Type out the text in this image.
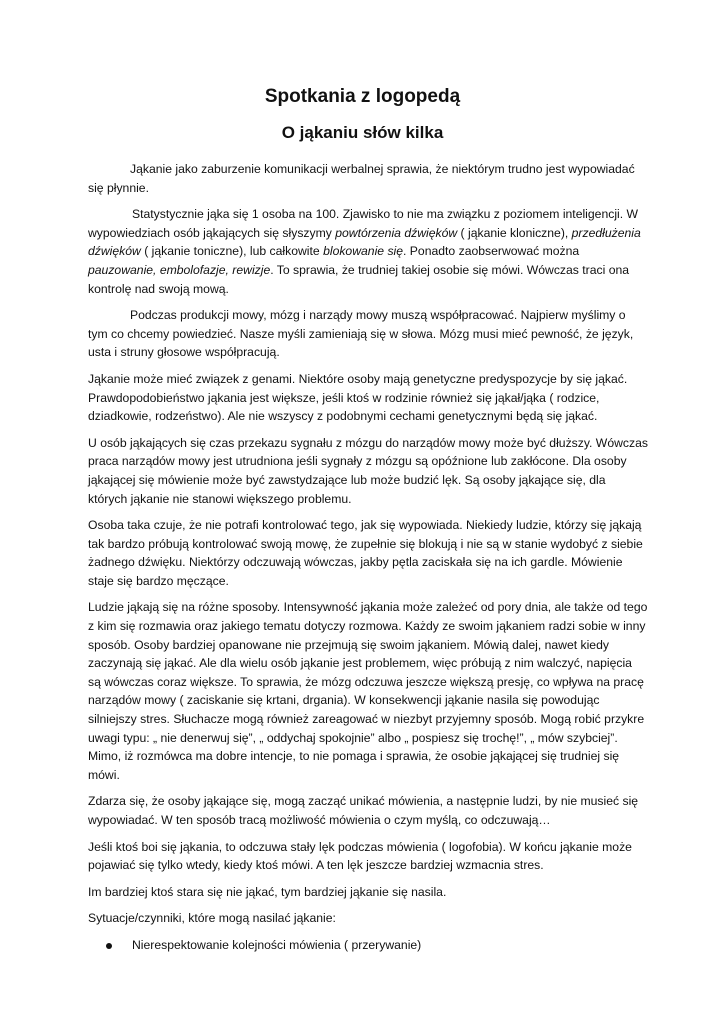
Spotkania z logopedą
O jąkaniu słów kilka

Jąkanie jako zaburzenie komunikacji werbalnej sprawia, że niektórym trudno jest wypowiadać się płynnie.

Statystycznie jąka się 1 osoba na 100. Zjawisko to nie ma związku z poziomem inteligencji. W wypowiedziach osób jąkających się słyszymy powtórzenia dźwięków ( jąkanie kloniczne), przedłużenia dźwięków ( jąkanie toniczne), lub całkowite blokowanie się. Ponadto zaobserwować można pauzowanie, embolofazje, rewizje. To sprawia, że trudniej takiej osobie się mówi. Wówczas traci ona kontrolę nad swoją mową.

Podczas produkcji mowy, mózg i narządy mowy muszą współpracować. Najpierw myślimy o tym co chcemy powiedzieć. Nasze myśli zamieniają się w słowa. Mózg musi mieć pewność, że język, usta i struny głosowe współpracują.

Jąkanie może mieć związek z genami. Niektóre osoby mają genetyczne predyspozycje by się jąkać. Prawdopodobieństwo jąkania jest większe, jeśli ktoś w rodzinie również się jąkał/jąka ( rodzice, dziadkowie, rodzeństwo). Ale nie wszyscy z podobnymi cechami genetycznymi będą się jąkać.

U osób jąkających się czas przekazu sygnału z mózgu do narządów mowy może być dłuższy. Wówczas praca narządów mowy jest utrudniona jeśli sygnały z mózgu są opóźnione lub zakłócone. Dla osoby jąkającej się mówienie może być zawstydzające lub może budzić lęk. Są osoby jąkające się, dla których jąkanie nie stanowi większego problemu.

Osoba taka czuje, że nie potrafi kontrolować tego, jak się wypowiada. Niekiedy ludzie, którzy się jąkają tak bardzo próbują kontrolować swoją mowę, że zupełnie się blokują i nie są w stanie wydobyć z siebie żadnego dźwięku. Niektórzy odczuwają wówczas, jakby pętla zaciskała się na ich gardle. Mówienie staje się bardzo męczące.

Ludzie jąkają się na różne sposoby. Intensywność jąkania może zależeć od pory dnia, ale także od tego z kim się rozmawia oraz jakiego tematu dotyczy rozmowa. Każdy ze swoim jąkaniem radzi sobie w inny sposób. Osoby bardziej opanowane nie przejmują się swoim jąkaniem. Mówią dalej, nawet kiedy zaczynają się jąkać. Ale dla wielu osób jąkanie jest problemem, więc próbują z nim walczyć, napięcia są wówczas coraz większe. To sprawia, że mózg odczuwa jeszcze większą presję, co wpływa na pracę narządów mowy ( zaciskanie się krtani, drgania). W konsekwencji jąkanie nasila się powodując silniejszy stres. Słuchacze mogą również zareagować w niezbyt przyjemny sposób. Mogą robić przykre uwagi typu: „ nie denerwuj się”, „ oddychaj spokojnie” albo „ pospiesz się trochę!”, „ mów szybciej”. Mimo, iż rozmówca ma dobre intencje, to nie pomaga i sprawia, że osobie jąkającej się trudniej się mówi.

Zdarza się, że osoby jąkające się, mogą zacząć unikać mówienia, a następnie ludzi, by nie musieć się wypowiadać. W ten sposób tracą możliwość mówienia o czym myślą, co odczuwają…

Jeśli ktoś boi się jąkania, to odczuwa stały lęk podczas mówienia ( logofobia). W końcu jąkanie może pojawiać się tylko wtedy, kiedy ktoś mówi. A ten lęk jeszcze bardziej wzmacnia stres.

Im bardziej ktoś stara się nie jąkać, tym bardziej jąkanie się nasila.

Sytuacje/czynniki, które mogą nasilać jąkanie:

Nierespektowanie kolejności mówienia ( przerywanie)
